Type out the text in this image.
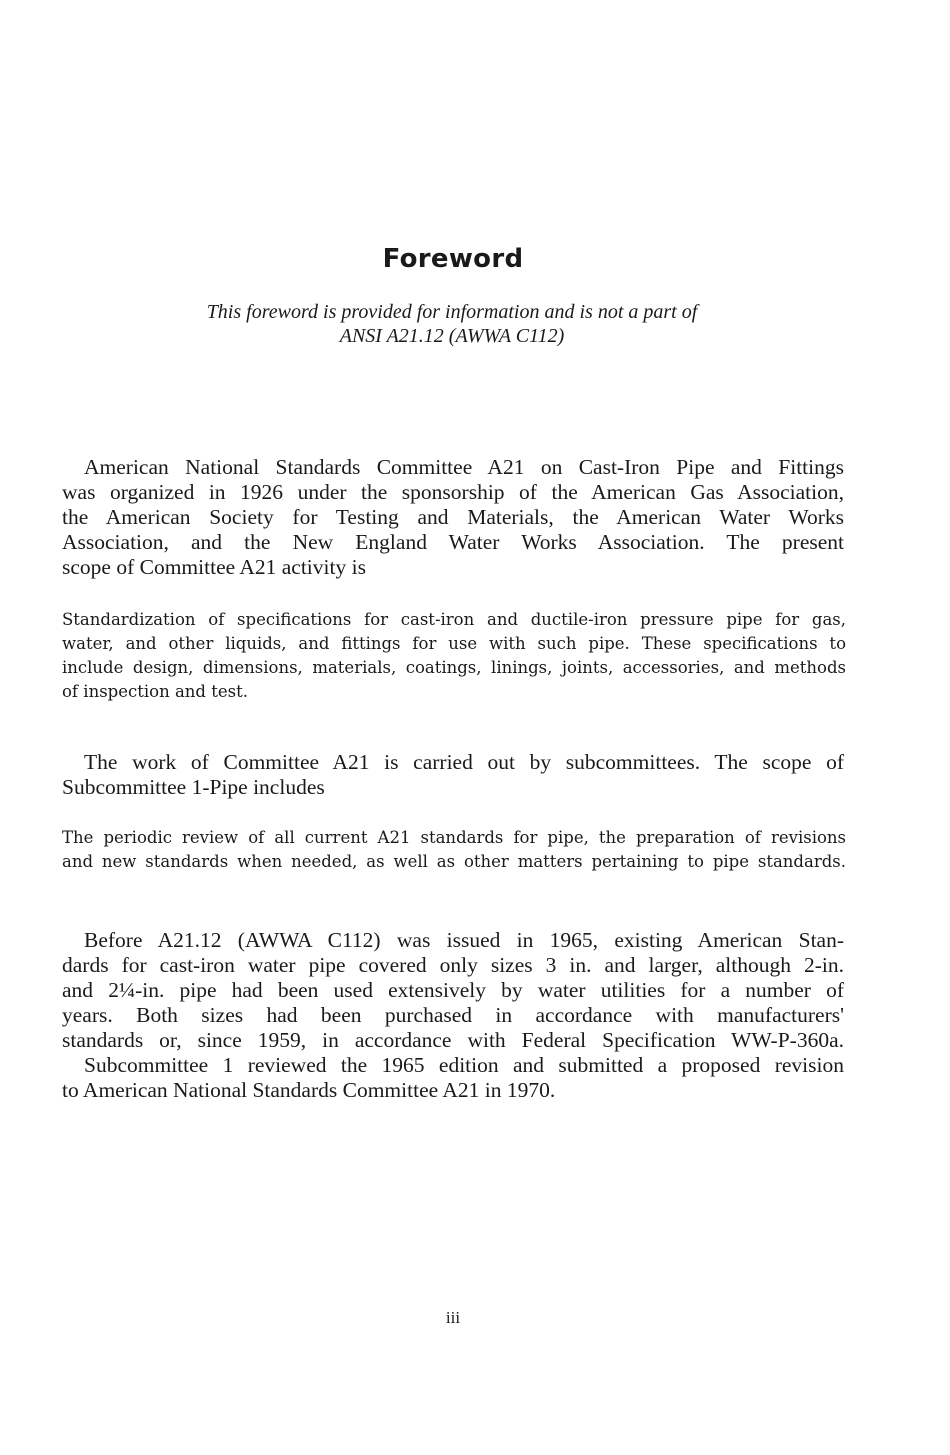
Foreword
This foreword is provided for information and is not a part of
ANSI A21.12 (AWWA C112)
American National Standards Committee A21 on Cast-Iron Pipe and Fittings
was organized in 1926 under the sponsorship of the American Gas Association,
the American Society for Testing and Materials, the American Water Works
Association, and the New England Water Works Association. The present
scope of Committee A21 activity is
Standardization of specifications for cast-iron and ductile-iron pressure pipe for gas,
water, and other liquids, and fittings for use with such pipe. These specifications to
include design, dimensions, materials, coatings, linings, joints, accessories, and methods
of inspection and test.
The work of Committee A21 is carried out by subcommittees. The scope of
Subcommittee 1-Pipe includes
The periodic review of all current A21 standards for pipe, the preparation of revisions
and new standards when needed, as well as other matters pertaining to pipe standards.
Before A21.12 (AWWA C112) was issued in 1965, existing American Stan-
dards for cast-iron water pipe covered only sizes 3 in. and larger, although 2-in.
and 2¼-in. pipe had been used extensively by water utilities for a number of
years. Both sizes had been purchased in accordance with manufacturers'
standards or, since 1959, in accordance with Federal Specification WW-P-360a.
Subcommittee 1 reviewed the 1965 edition and submitted a proposed revision
to American National Standards Committee A21 in 1970.
iii
